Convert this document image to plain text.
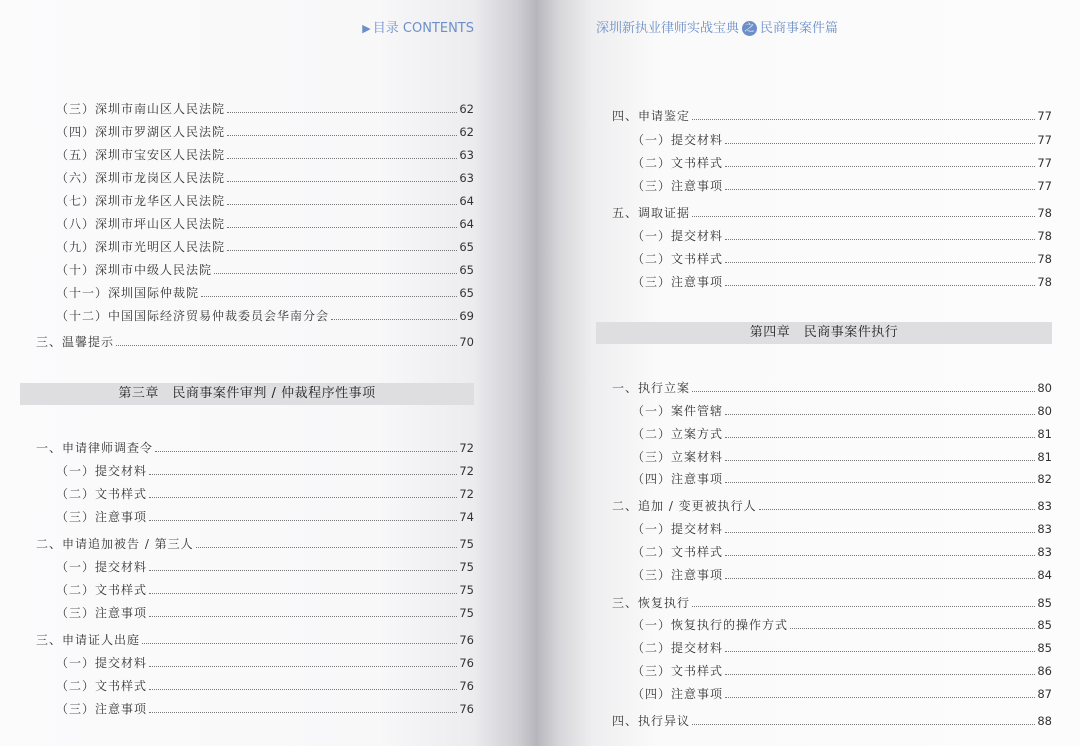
▶ 目录 CONTENTS
（三）深圳市南山区人民法院	62
（四）深圳市罗湖区人民法院	62
（五）深圳市宝安区人民法院	63
（六）深圳市龙岗区人民法院	63
（七）深圳市龙华区人民法院	64
（八）深圳市坪山区人民法院	64
（九）深圳市光明区人民法院	65
（十）深圳市中级人民法院	65
（十一）深圳国际仲裁院	65
（十二）中国国际经济贸易仲裁委员会华南分会	69
三、温馨提示	70
第三章　民商事案件审判 / 仲裁程序性事项
一、申请律师调查令	72
（一）提交材料	72
（二）文书样式	72
（三）注意事项	74
二、申请追加被告 / 第三人	75
（一）提交材料	75
（二）文书样式	75
（三）注意事项	75
三、申请证人出庭	76
（一）提交材料	76
（二）文书样式	76
（三）注意事项	76
深圳新执业律师实战宝典 之 民商事案件篇
四、申请鉴定	77
（一）提交材料	77
（二）文书样式	77
（三）注意事项	77
五、调取证据	78
（一）提交材料	78
（二）文书样式	78
（三）注意事项	78
第四章　民商事案件执行
一、执行立案	80
（一）案件管辖	80
（二）立案方式	81
（三）立案材料	81
（四）注意事项	82
二、追加 / 变更被执行人	83
（一）提交材料	83
（二）文书样式	83
（三）注意事项	84
三、恢复执行	85
（一）恢复执行的操作方式	85
（二）提交材料	85
（三）文书样式	86
（四）注意事项	87
四、执行异议	88
